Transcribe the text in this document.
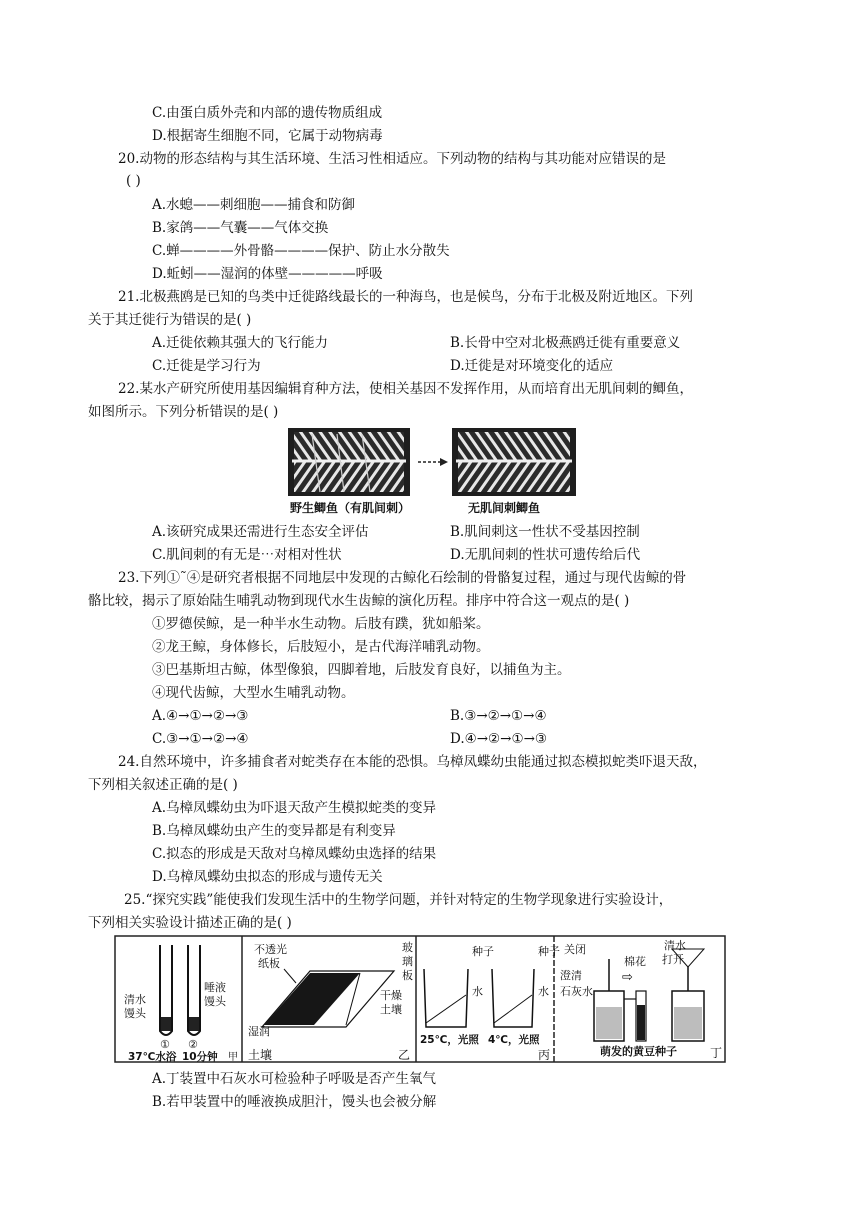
C.由蛋白质外壳和内部的遗传物质组成
D.根据寄生细胞不同，它属于动物病毒
20.动物的形态结构与其生活环境、生活习性相适应。下列动物的结构与其功能对应错误的是
( )
A.水螅——刺细胞——捕食和防御
B.家鸽——气囊——气体交换
C.蝉————外骨骼————保护、防止水分散失
D.蚯蚓——湿润的体壁—————呼吸
21.北极燕鸥是已知的鸟类中迁徙路线最长的一种海鸟，也是候鸟，分布于北极及附近地区。下列
关于其迁徙行为错误的是( )
A.迁徙依赖其强大的飞行能力	B.长骨中空对北极燕鸥迁徙有重要意义
C.迁徙是学习行为	D.迁徙是对环境变化的适应
22.某水产研究所使用基因编辑育种方法，使相关基因不发挥作用，从而培育出无肌间刺的鲫鱼，
如图所示。下列分析错误的是( )
野生鲫鱼（有肌间刺）	无肌间刺鲫鱼
A.该研究成果还需进行生态安全评估	B.肌间刺这一性状不受基因控制
C.肌间刺的有无是⋯对相对性状	D.无肌间刺的性状可遗传给后代
23.下列①˜④是研究者根据不同地层中发现的古鲸化石绘制的骨骼复过程，通过与现代齿鲸的骨
骼比较，揭示了原始陆生哺乳动物到现代水生齿鲸的演化历程。排序中符合这一观点的是( )
①罗德侯鲸，是一种半水生动物。后肢有蹼，犹如船桨。
②龙王鲸，身体修长，后肢短小，是古代海洋哺乳动物。
③巴基斯坦古鲸，体型像狼，四脚着地，后肢发育良好，以捕鱼为主。
④现代齿鲸，大型水生哺乳动物。
A.④→①→②→③	B.③→②→①→④
C.③→①→②→④	D.④→②→①→③
24.自然环境中，许多捕食者对蛇类存在本能的恐惧。乌樟凤蝶幼虫能通过拟态模拟蛇类吓退天敌，
下列相关叙述正确的是( )
A.乌樟凤蝶幼虫为吓退天敌产生模拟蛇类的变异
B.乌樟凤蝶幼虫产生的变异都是有利变异
C.拟态的形成是天敌对乌樟凤蝶幼虫选择的结果
D.乌樟凤蝶幼虫拟态的形成与遗传无关
25.“探究实践”能使我们发现生活中的生物学问题，并针对特定的生物学现象进行实验设计，
下列相关实验设计描述正确的是( )
清水
馒头
唾液
馒头
① ②
37℃水浴 10分钟 甲
不透光
纸板
玻
璃
板
干燥
土壤
湿润
土壤	乙
种子
水
种子
水
25℃，光照 4℃，光照
丙
⇨
关闭
棉花
澄清
石灰水
清水
打开
萌发的黄豆种子	丁
A.丁装置中石灰水可检验种子呼吸是否产生氧气
B.若甲装置中的唾液换成胆汁，馒头也会被分解
